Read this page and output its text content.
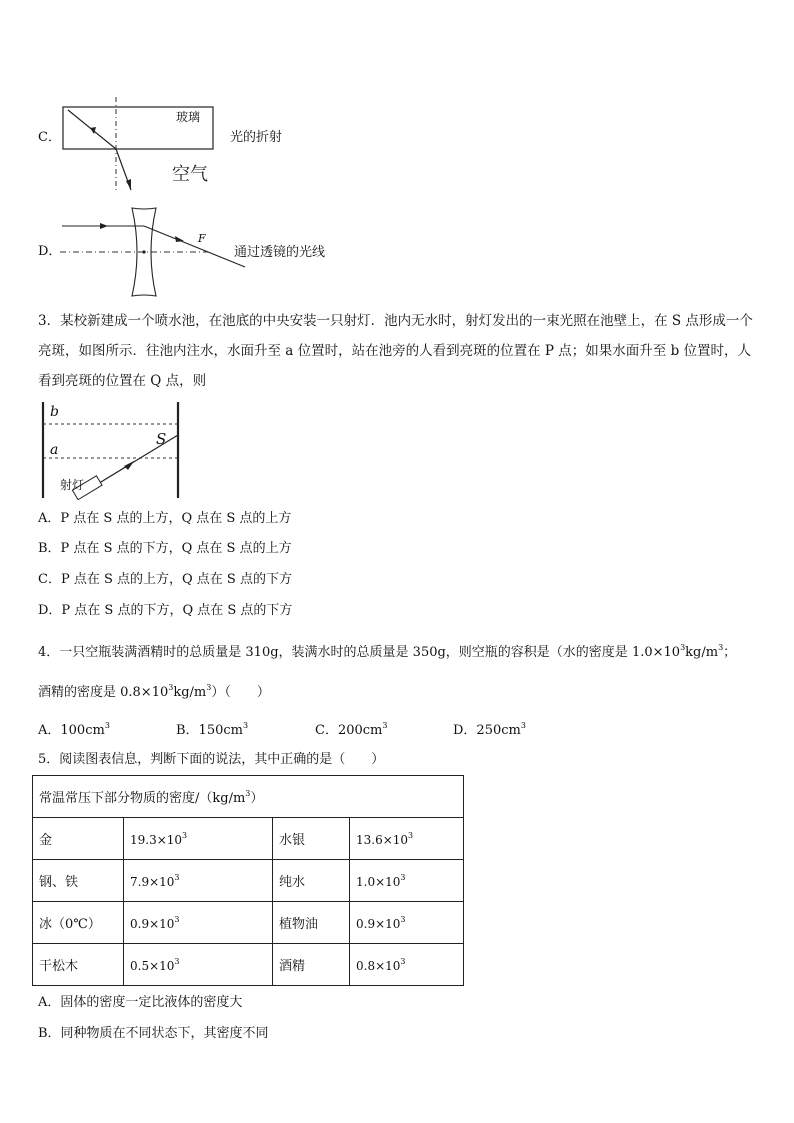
C．
玻璃
光的折射
空气
D．
F
通过透镜的光线
3．某校新建成一个喷水池，在池底的中央安装一只射灯．池内无水时，射灯发出的一束光照在池壁上，在 S 点形成一个亮斑，如图所示．往池内注水，水面升至 a 位置时，站在池旁的人看到亮斑的位置在 P 点；如果水面升至 b 位置时，人看到亮斑的位置在 Q 点，则
b
a
S
射灯
A．P 点在 S 点的上方，Q 点在 S 点的上方
B．P 点在 S 点的下方，Q 点在 S 点的上方
C．P 点在 S 点的上方，Q 点在 S 点的下方
D．P 点在 S 点的下方，Q 点在 S 点的下方
4．一只空瓶装满酒精时的总质量是 310g，装满水时的总质量是 350g，则空瓶的容积是（水的密度是 $1.0\times 10^3kg/m^3$；
酒精的密度是 $0.8\times 10^3kg/m^3$）（　　）
A．$100cm^3$	B．$150cm^3$	C．$200cm^3$	D．$250cm^3$
5．阅读图表信息，判断下面的说法，其中正确的是（　　）
常温常压下部分物质的密度$/(kg/m^3)$			
金	$19.3\times 10^3$	水银	$13.6\times 10^3$
钢、铁	$7.9\times 10^3$	纯水	$1.0\times 10^3$
冰（0℃）	$0.9\times 10^3$	植物油	$0.9\times 10^3$
干松木	$0.5\times 10^3$	酒精	$0.8\times 10^3$
A．固体的密度一定比液体的密度大
B．同种物质在不同状态下，其密度不同
